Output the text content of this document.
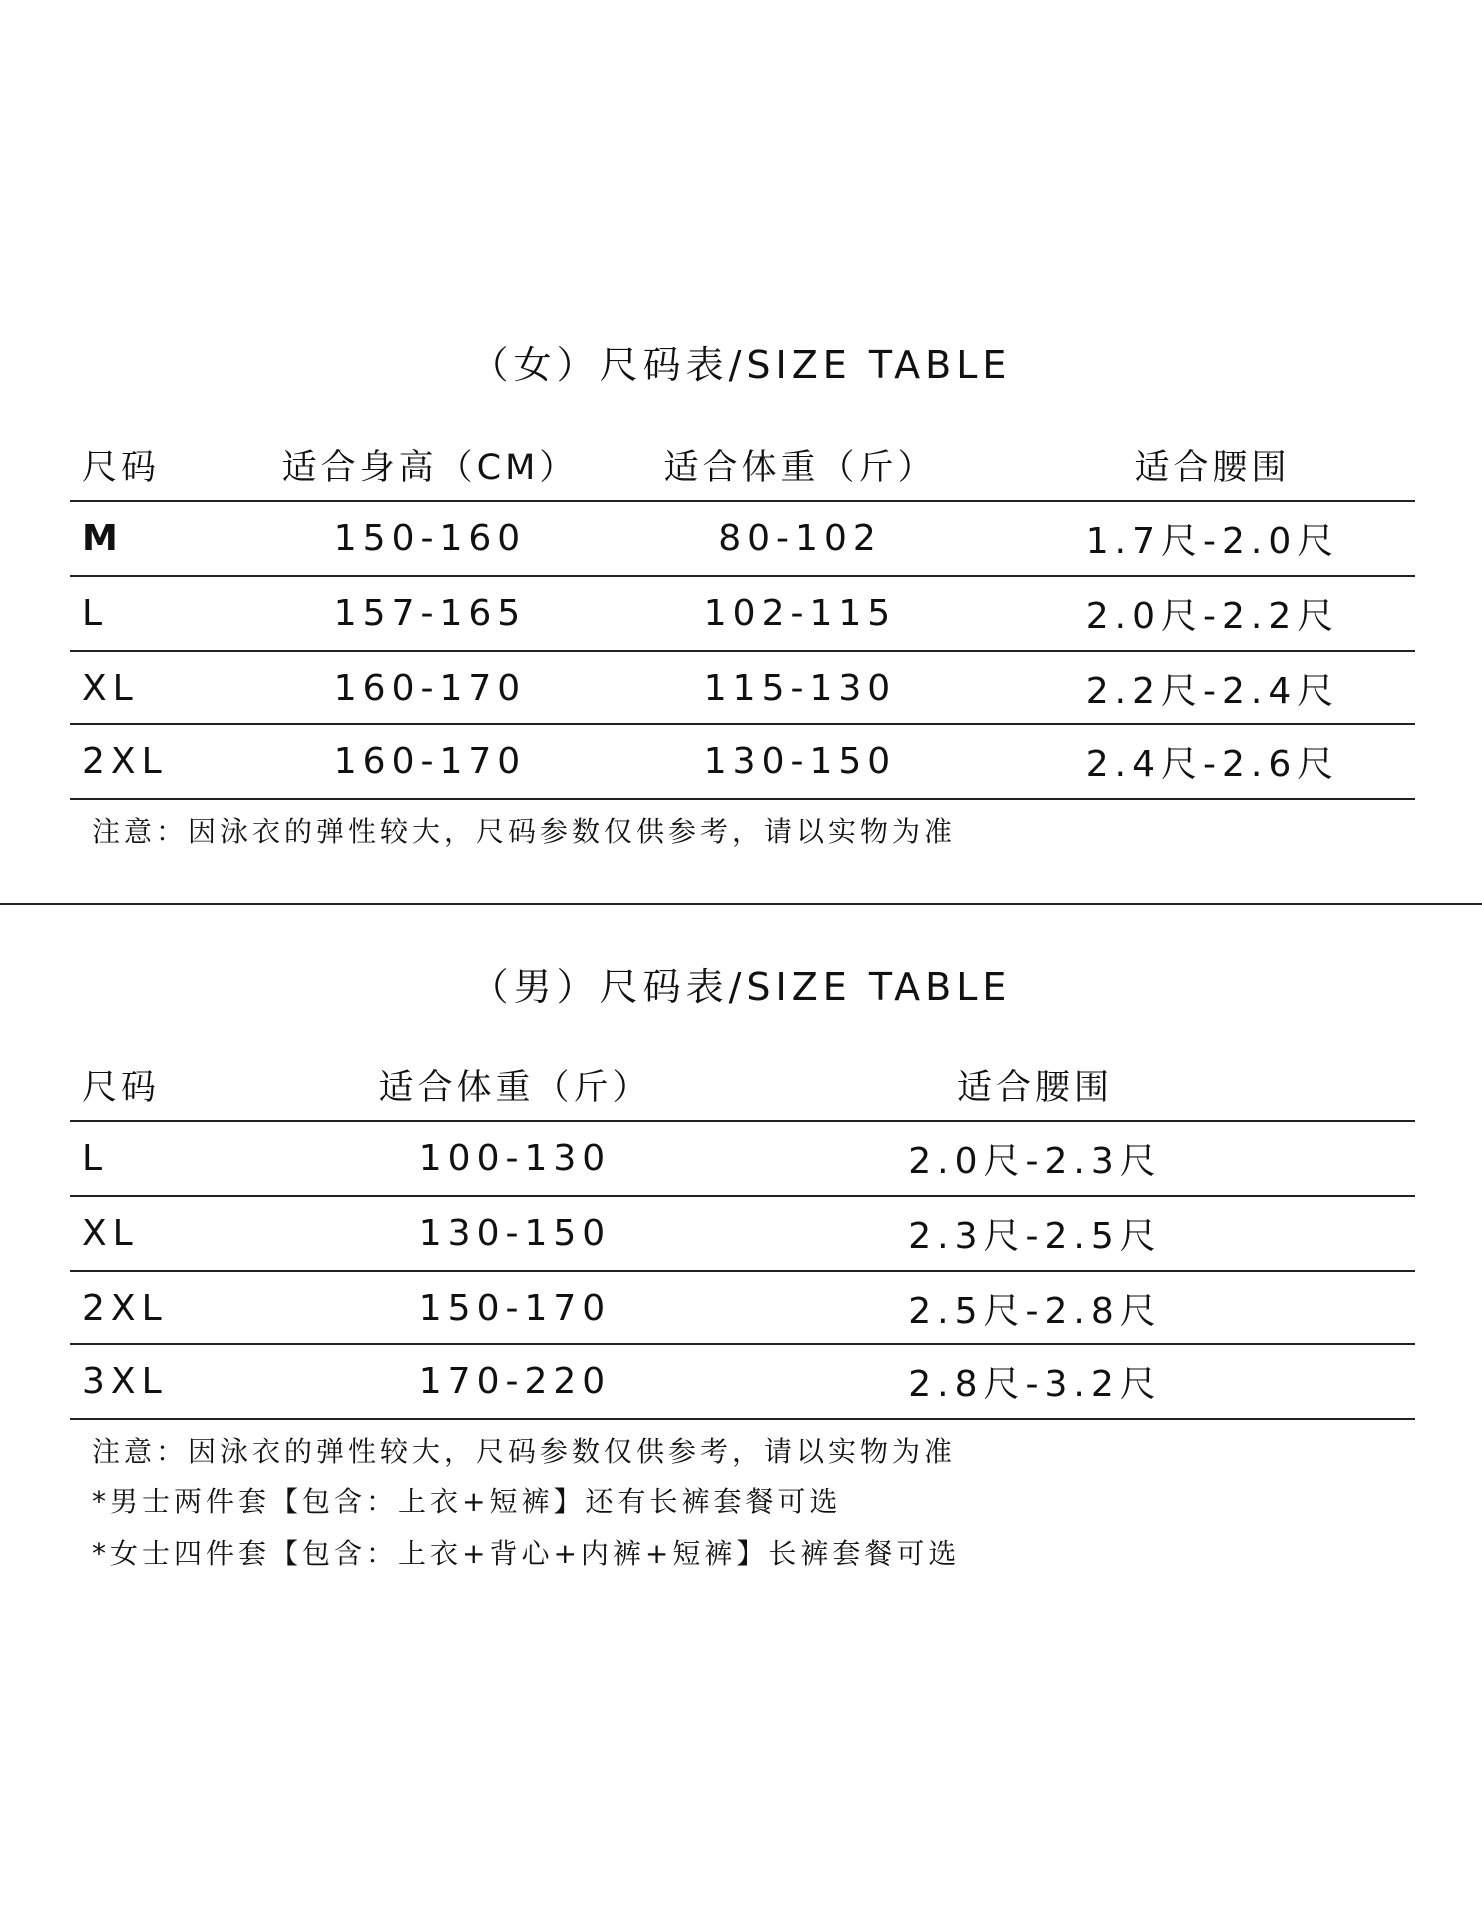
（女）尺码表/SIZE TABLE
尺码	适合身高（CM）	适合体重（斤）	适合腰围
M	150-160	80-102	1.7尺-2.0尺
L	157-165	102-115	2.0尺-2.2尺
XL	160-170	115-130	2.2尺-2.4尺
2XL	160-170	130-150	2.4尺-2.6尺
注意：因泳衣的弹性较大，尺码参数仅供参考，请以实物为准
（男）尺码表/SIZE TABLE
尺码	适合体重（斤）	适合腰围
L	100-130	2.0尺-2.3尺
XL	130-150	2.3尺-2.5尺
2XL	150-170	2.5尺-2.8尺
3XL	170-220	2.8尺-3.2尺
注意：因泳衣的弹性较大，尺码参数仅供参考，请以实物为准
*男士两件套【包含：上衣+短裤】还有长裤套餐可选
*女士四件套【包含：上衣+背心+内裤+短裤】长裤套餐可选
